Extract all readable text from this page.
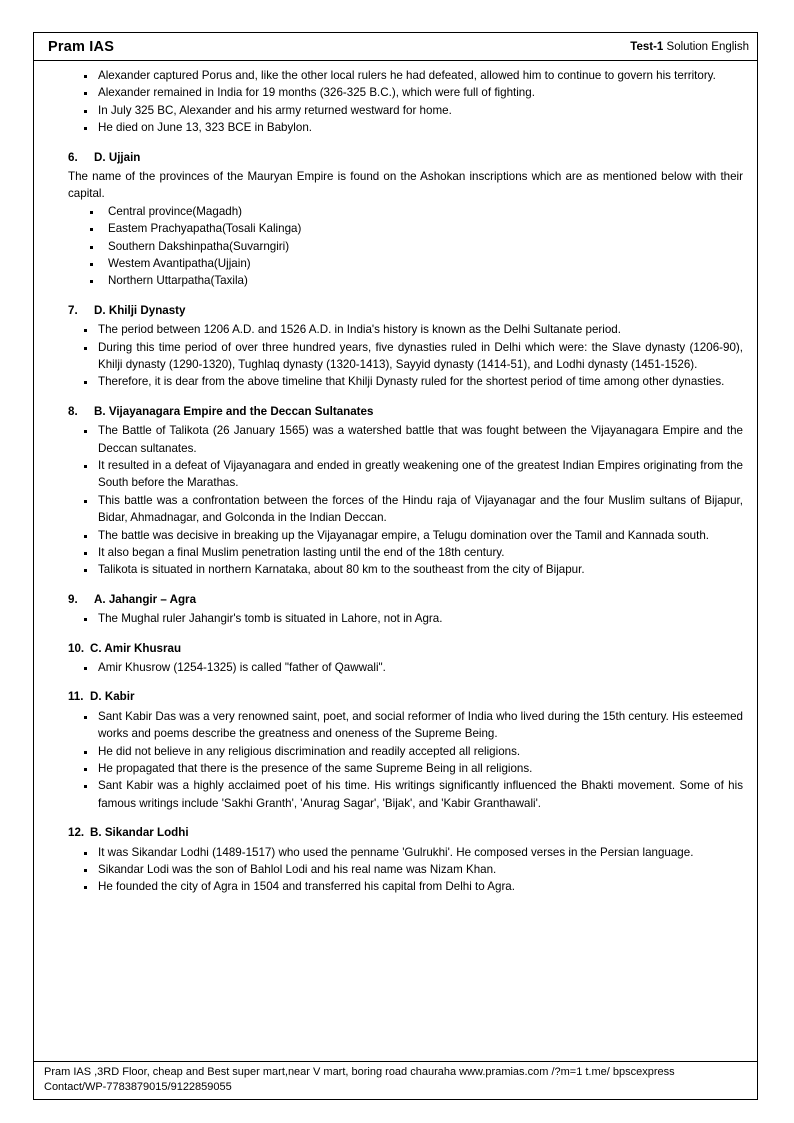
Pram IAS	Test-1 Solution English
Alexander captured Porus and, like the other local rulers he had defeated, allowed him to continue to govern his territory.
Alexander remained in India for 19 months (326-325 B.C.), which were full of fighting.
In July 325 BC, Alexander and his army returned westward for home.
He died on June 13, 323 BCE in Babylon.
6.	D. Ujjain
The name of the provinces of the Mauryan Empire is found on the Ashokan inscriptions which are as mentioned below with their capital.
Central province(Magadh)
Eastem Prachyapatha(Tosali Kalinga)
Southern Dakshinpatha(Suvarngiri)
Westem Avantipatha(Ujjain)
Northern Uttarpatha(Taxila)
7.	D. Khilji Dynasty
The period between 1206 A.D. and 1526 A.D. in India's history is known as the Delhi Sultanate period.
During this time period of over three hundred years, five dynasties ruled in Delhi which were: the Slave dynasty (1206-90), Khilji dynasty (1290-1320), Tughlaq dynasty (1320-1413), Sayyid dynasty (1414-51), and Lodhi dynasty (1451-1526).
Therefore, it is dear from the above timeline that Khilji Dynasty ruled for the shortest period of time among other dynasties.
8.	B. Vijayanagara Empire and the Deccan Sultanates
The Battle of Talikota (26 January 1565) was a watershed battle that was fought between the Vijayanagara Empire and the Deccan sultanates.
It resulted in a defeat of Vijayanagara and ended in greatly weakening one of the greatest Indian Empires originating from the South before the Marathas.
This battle was a confrontation between the forces of the Hindu raja of Vijayanagar and the four Muslim sultans of Bijapur, Bidar, Ahmadnagar, and Golconda in the Indian Deccan.
The battle was decisive in breaking up the Vijayanagar empire, a Telugu domination over the Tamil and Kannada south.
It also began a final Muslim penetration lasting until the end of the 18th century.
Talikota is situated in northern Karnataka, about 80 km to the southeast from the city of Bijapur.
9.	A. Jahangir – Agra
The Mughal ruler Jahangir's tomb is situated in Lahore, not in Agra.
10. C. Amir Khusrau
Amir Khusrow (1254-1325) is called "father of Qawwali".
11. D. Kabir
Sant Kabir Das was a very renowned saint, poet, and social reformer of India who lived during the 15th century. His esteemed works and poems describe the greatness and oneness of the Supreme Being.
He did not believe in any religious discrimination and readily accepted all religions.
He propagated that there is the presence of the same Supreme Being in all religions.
Sant Kabir was a highly acclaimed poet of his time. His writings significantly influenced the Bhakti movement. Some of his famous writings include 'Sakhi Granth', 'Anurag Sagar', 'Bijak', and 'Kabir Granthawali'.
12. B. Sikandar Lodhi
It was Sikandar Lodhi (1489-1517) who used the penname 'Gulrukhi'. He composed verses in the Persian language.
Sikandar Lodi was the son of Bahlol Lodi and his real name was Nizam Khan.
He founded the city of Agra in 1504 and transferred his capital from Delhi to Agra.
Pram IAS ,3RD Floor, cheap and Best super mart,near V mart, boring road chauraha www.pramias.com /?m=1 t.me/ bpscexpress
Contact/WP-7783879015/9122859055
